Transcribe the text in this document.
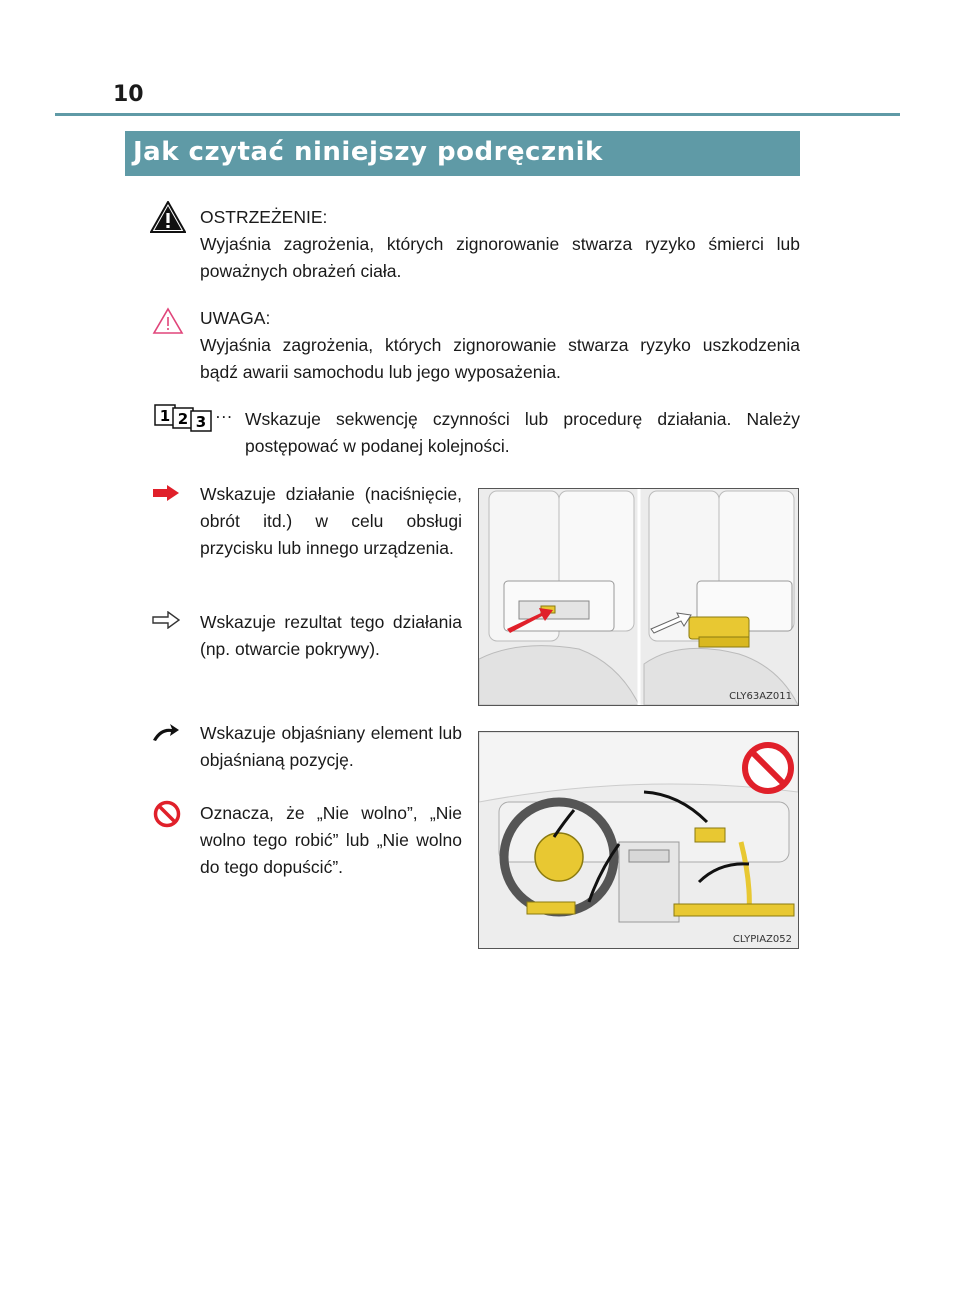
10
Jak czytać niniejszy podręcznik
OSTRZEŻENIE:
Wyjaśnia zagrożenia, których zignorowanie stwarza ryzyko śmierci lub poważnych obrażeń ciała.
UWAGA:
Wyjaśnia zagrożenia, których zignorowanie stwarza ryzyko uszkodzenia bądź awarii samochodu lub jego wyposażenia.
1 2 3 ··· Wskazuje sekwencję czynności lub procedurę działania. Należy postępować w podanej kolejności.
Wskazuje działanie (naciśnięcie, obrót itd.) w celu obsługi przycisku lub innego urządzenia.
Wskazuje rezultat tego działania (np. otwarcie pokrywy).
Wskazuje objaśniany element lub objaśnianą pozycję.
Oznacza, że „Nie wolno”, „Nie wolno tego robić” lub „Nie wolno do tego dopuścić”.
CLY63AZ011
CLYPIAZ052
